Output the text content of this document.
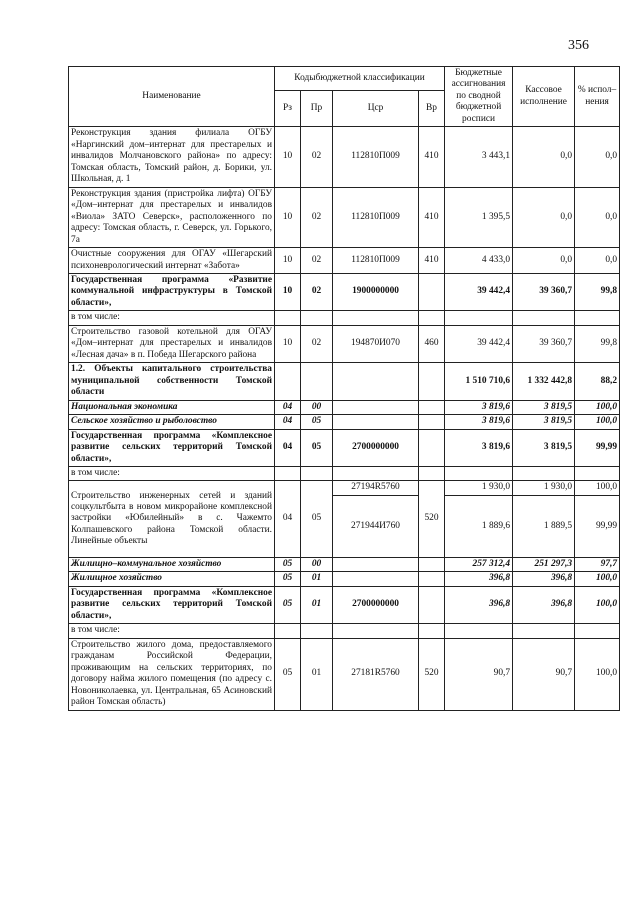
356
Наименование	Кодыбюджетной классификации				Бюджетные ассигнования по сводной бюджетной росписи	Кассовое исполнение	% испол– нения
	Рз	Пр	Цср	Вр			
Реконструкция здания филиала ОГБУ «Наргинский дом–интернат для престарелых и инвалидов Молчановского района» по адресу: Томская область, Томский район, д. Борики, ул. Школьная, д. 1	10	02	112810П009	410	3 443,1	0,0	0,0
Реконструкция здания (пристройка лифта) ОГБУ «Дом–интернат для престарелых и инвалидов «Виола» ЗАТО Северск», расположенного по адресу: Томская область, г. Северск, ул. Горького, 7а	10	02	112810П009	410	1 395,5	0,0	0,0
Очистные сооружения для ОГАУ «Шегарский психоневрологический интернат «Забота»	10	02	112810П009	410	4 433,0	0,0	0,0
Государственная программа «Развитие коммунальной инфраструктуры в Томской области»,	10	02	1900000000		39 442,4	39 360,7	99,8
в том числе:							
Строительство газовой котельной для ОГАУ «Дом–интернат для престарелых и инвалидов «Лесная дача» в п. Победа Шегарского района	10	02	194870И070	460	39 442,4	39 360,7	99,8
1.2. Объекты капитального строительства муниципальной собственности Томской области					1 510 710,6	1 332 442,8	88,2
Национальная экономика	04	00			3 819,6	3 819,5	100,0
Сельское хозяйство и рыболовство	04	05			3 819,6	3 819,5	100,0
Государственная программа «Комплексное развитие сельских территорий Томской области»,	04	05	2700000000		3 819,6	3 819,5	99,99
в том числе:							
Строительство инженерных сетей и зданий соцкультбыта в новом микрорайоне комплексной застройки «Юбилейный» в с. Чажемто Колпашевского района Томской области. Линейные объекты	04	05	27194R5760	520	1 930,0	1 930,0	100,0
			271944И760		1 889,6	1 889,5	99,99
Жилищно–коммунальное хозяйство	05	00			257 312,4	251 297,3	97,7
Жилищное хозяйство	05	01			396,8	396,8	100,0
Государственная программа «Комплексное развитие сельских территорий Томской области»,	05	01	2700000000		396,8	396,8	100,0
в том числе:							
Строительство жилого дома, предоставляемого гражданам Российской Федерации, проживающим на сельских территориях, по договору найма жилого помещения (по адресу с. Новониколаевка, ул. Центральная, 65 Асиновский район Томская область)	05	01	27181R5760	520	90,7	90,7	100,0
